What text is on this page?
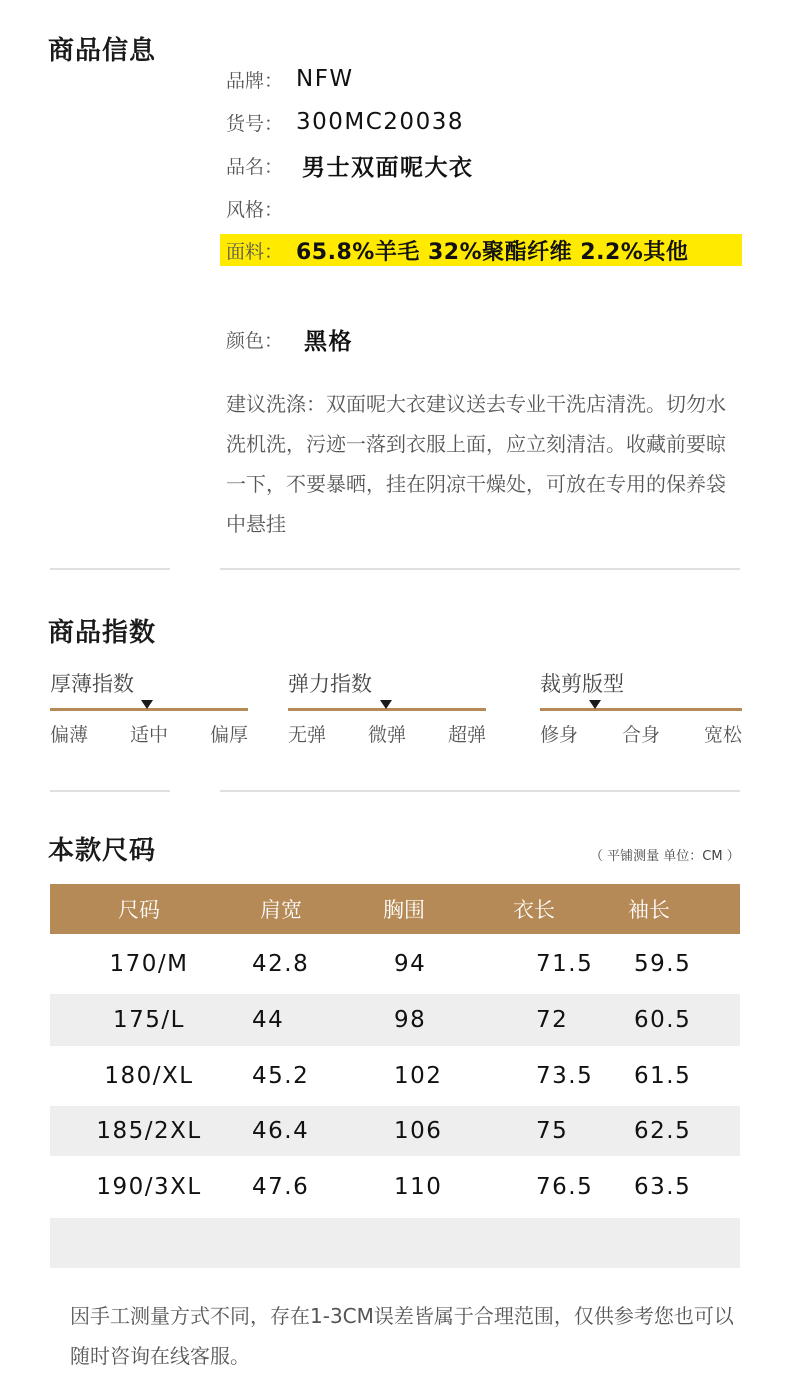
商品信息
品牌： NFW
货号： 300MC20038
品名： 男士双面呢大衣
风格：
面料： 65.8%羊毛 32%聚酯纤维 2.2%其他
颜色： 黑格
建议洗涤：双面呢大衣建议送去专业干洗店清洗。切勿水洗机洗，污迹一落到衣服上面，应立刻清洁。收藏前要晾一下，不要暴晒，挂在阴凉干燥处，可放在专用的保养袋中悬挂
商品指数
厚薄指数
偏薄 适中 偏厚
弹力指数
无弹 微弹 超弹
裁剪版型
修身 合身 宽松
本款尺码	（ 平铺测量 单位：CM ）
尺码	肩宽	胸围	衣长	袖长
170/M	42.8	94	71.5	59.5
175/L	44	98	72	60.5
180/XL	45.2	102	73.5	61.5
185/2XL	46.4	106	75	62.5
190/3XL	47.6	110	76.5	63.5
因手工测量方式不同，存在1-3CM误差皆属于合理范围，仅供参考您也可以随时咨询在线客服。
